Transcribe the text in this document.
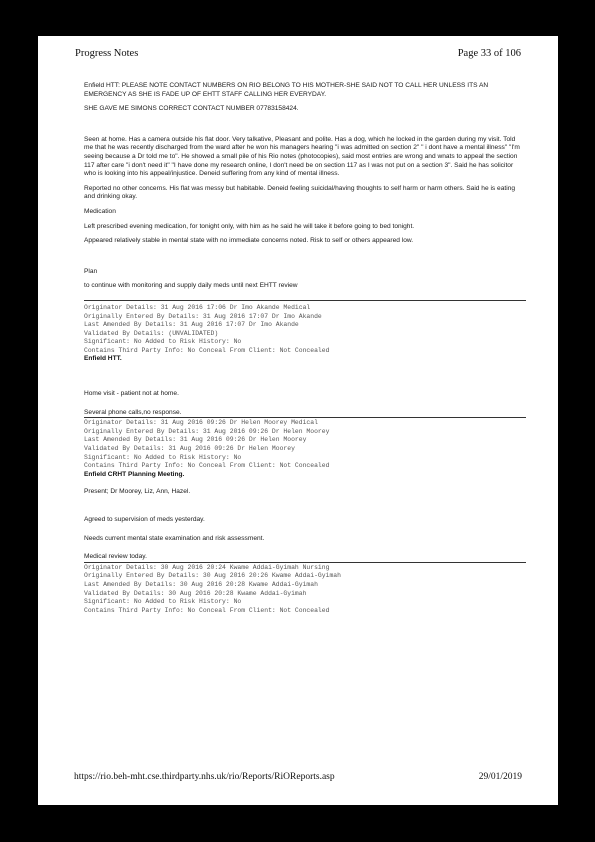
Progress Notes	Page 33 of 106

Enfield HTT: PLEASE NOTE CONTACT NUMBERS ON RIO BELONG TO HIS MOTHER-SHE SAID NOT TO CALL HER UNLESS ITS AN EMERGENCY AS SHE IS FADE UP OF EHTT STAFF CALLING HER EVERYDAY.

SHE GAVE ME SIMONS CORRECT CONTACT NUMBER 07783158424.

Seen at home. Has a camera outside his flat door. Very talkative, Pleasant and polite. Has a dog, which he locked in the garden during my visit. Told me that he was recently discharged from the ward after he won his managers hearing "i was admitted on section 2" " i dont have a mental illness" "I'm seeing because a Dr told me to". He showed a small pile of his Rio notes (photocopies), said most entries are wrong and wnats to appeal the section 117 after care "i don't need it" "I have done my research online, I don't need be on section 117 as I was not put on a section 3". Said he has solicitor who is looking into his appeal/injustice. Deneid suffering from any kind of mental illness.

Reported no other concerns. His flat was messy but habitable. Deneid feeling suicidal/having thoughts to self harm or harm others. Said he is eating and drinking okay.

Medication

Left prescribed evening medication, for tonight only, with him as he said he will take it before going to bed tonight.

Appeared relatively stable in mental state with no immediate concerns noted. Risk to self or others appeared low.

Plan

to continue with monitoring and supply daily meds until next EHTT review

Originator Details: 31 Aug 2016 17:06 Dr Imo Akande Medical
Originally Entered By Details: 31 Aug 2016 17:07 Dr Imo Akande
Last Amended By Details: 31 Aug 2016 17:07 Dr Imo Akande
Validated By Details: (UNVALIDATED)
Significant: No Added to Risk History: No
Contains Third Party Info: No Conceal From Client: Not Concealed

Enfield HTT.

Home visit - patient not at home.

Several phone calls,no response.

Originator Details: 31 Aug 2016 09:26 Dr Helen Moorey Medical
Originally Entered By Details: 31 Aug 2016 09:26 Dr Helen Moorey
Last Amended By Details: 31 Aug 2016 09:26 Dr Helen Moorey
Validated By Details: 31 Aug 2016 09:26 Dr Helen Moorey
Significant: No Added to Risk History: No
Contains Third Party Info: No Conceal From Client: Not Concealed

Enfield CRHT Planning Meeting.

Present; Dr Moorey, Liz, Ann, Hazel.

Agreed to supervision of meds yesterday.

Needs current mental state examination and risk assessment.

Medical review today.

Originator Details: 30 Aug 2016 20:24 Kwame Addai-Gyimah Nursing
Originally Entered By Details: 30 Aug 2016 20:26 Kwame Addai-Gyimah
Last Amended By Details: 30 Aug 2016 20:28 Kwame Addai-Gyimah
Validated By Details: 30 Aug 2016 20:28 Kwame Addai-Gyimah
Significant: No Added to Risk History: No
Contains Third Party Info: No Conceal From Client: Not Concealed
https://rio.beh-mht.cse.thirdparty.nhs.uk/rio/Reports/RiOReports.asp	29/01/2019
33
